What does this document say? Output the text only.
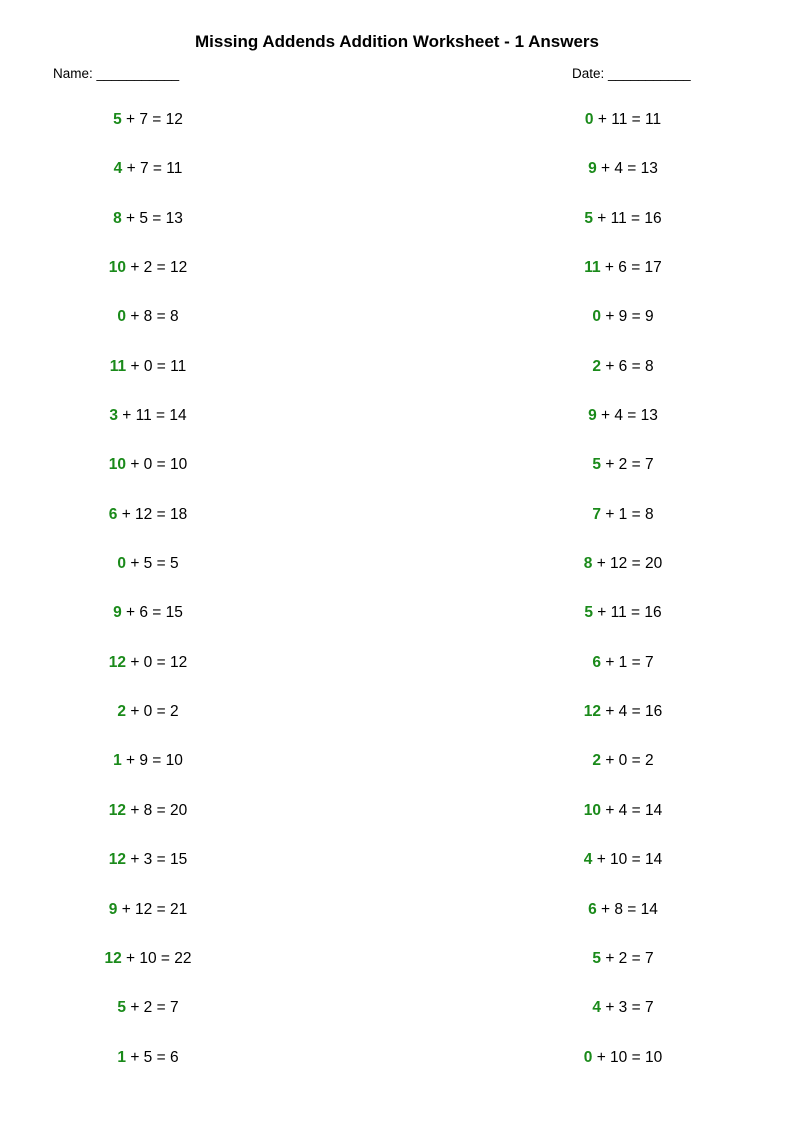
Missing Addends Addition Worksheet - 1 Answers
Name: ___________	Date: ___________
5 + 7 = 12
4 + 7 = 11
8 + 5 = 13
10 + 2 = 12
0 + 8 = 8
11 + 0 = 11
3 + 11 = 14
10 + 0 = 10
6 + 12 = 18
0 + 5 = 5
9 + 6 = 15
12 + 0 = 12
2 + 0 = 2
1 + 9 = 10
12 + 8 = 20
12 + 3 = 15
9 + 12 = 21
12 + 10 = 22
5 + 2 = 7
1 + 5 = 6
0 + 11 = 11
9 + 4 = 13
5 + 11 = 16
11 + 6 = 17
0 + 9 = 9
2 + 6 = 8
9 + 4 = 13
5 + 2 = 7
7 + 1 = 8
8 + 12 = 20
5 + 11 = 16
6 + 1 = 7
12 + 4 = 16
2 + 0 = 2
10 + 4 = 14
4 + 10 = 14
6 + 8 = 14
5 + 2 = 7
4 + 3 = 7
0 + 10 = 10
